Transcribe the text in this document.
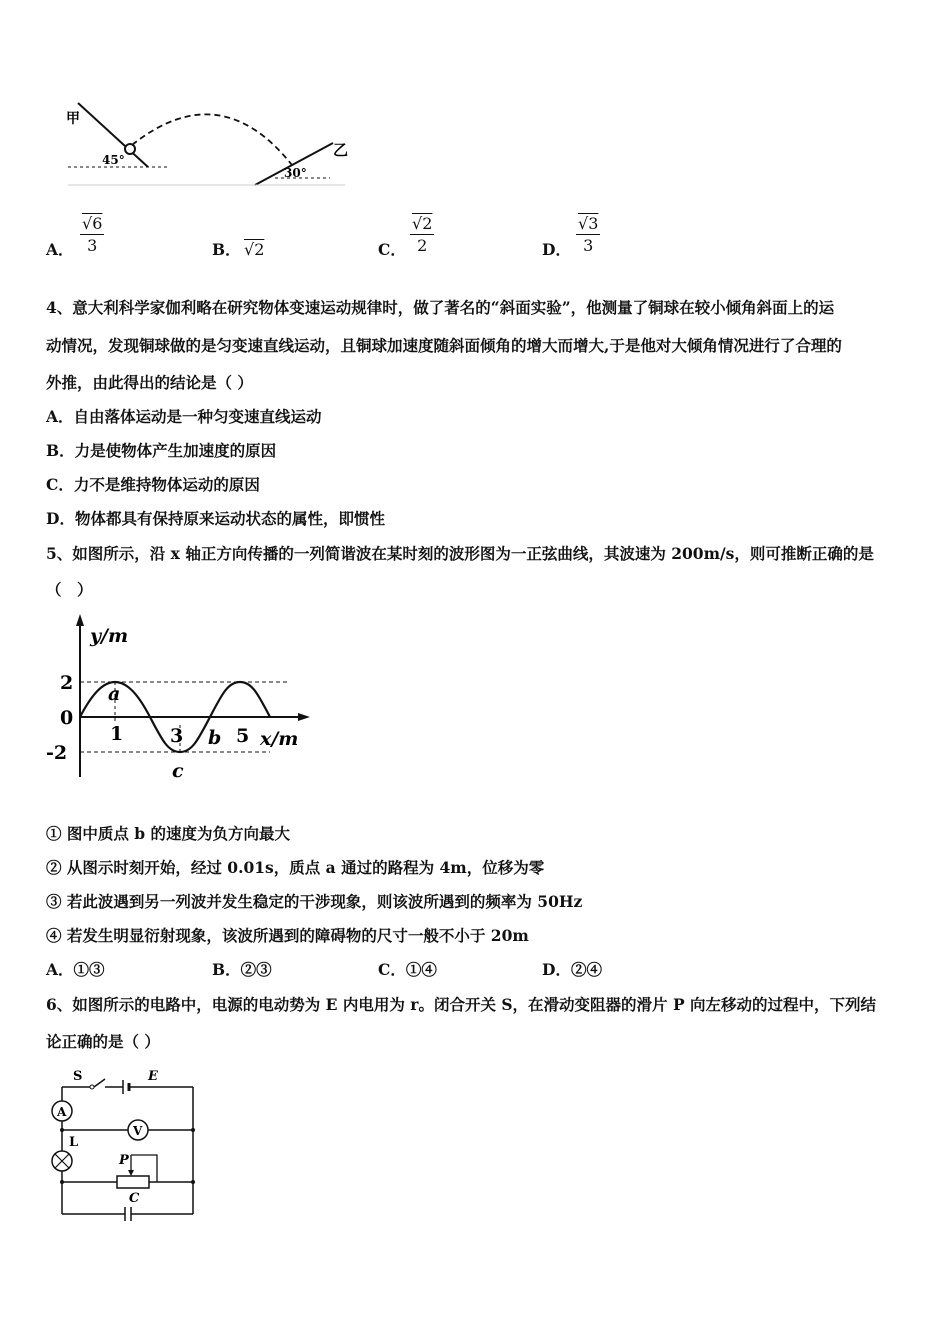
甲
45°
30°
乙
A．
√6
3	B． √2	C．
√2
2	D．
√3
3
4、意大利科学家伽利略在研究物体变速运动规律时，做了著名的“斜面实验”，他测量了铜球在较小倾角斜面上的运
动情况，发现铜球做的是匀变速直线运动，且铜球加速度随斜面倾角的增大而增大,于是他对大倾角情况进行了合理的
外推，由此得出的结论是（ ）
A．自由落体运动是一种匀变速直线运动
B．力是使物体产生加速度的原因
C．力不是维持物体运动的原因
D．物体都具有保持原来运动状态的属性，即惯性
5、如图所示，沿 x 轴正方向传播的一列简谐波在某时刻的波形图为一正弦曲线，其波速为 200m/s，则可推断正确的是
（　）
y/m
2
0
-2
1 3	5
a
b
c
x/m
① 图中质点 b 的速度为负方向最大
② 从图示时刻开始，经过 0.01s，质点 a 通过的路程为 4m，位移为零
③ 若此波遇到另一列波并发生稳定的干涉现象，则该波所遇到的频率为 50Hz
④ 若发生明显衍射现象，该波所遇到的障碍物的尺寸一般不小于 20m
A．①③	B．②③	C．①④	D．②④
6、如图所示的电路中，电源的电动势为 E 内电用为 r。闭合开关 S，在滑动变阻器的滑片 P 向左移动的过程中，下列结
论正确的是（ ）
S	E
A
V
L
P
C
